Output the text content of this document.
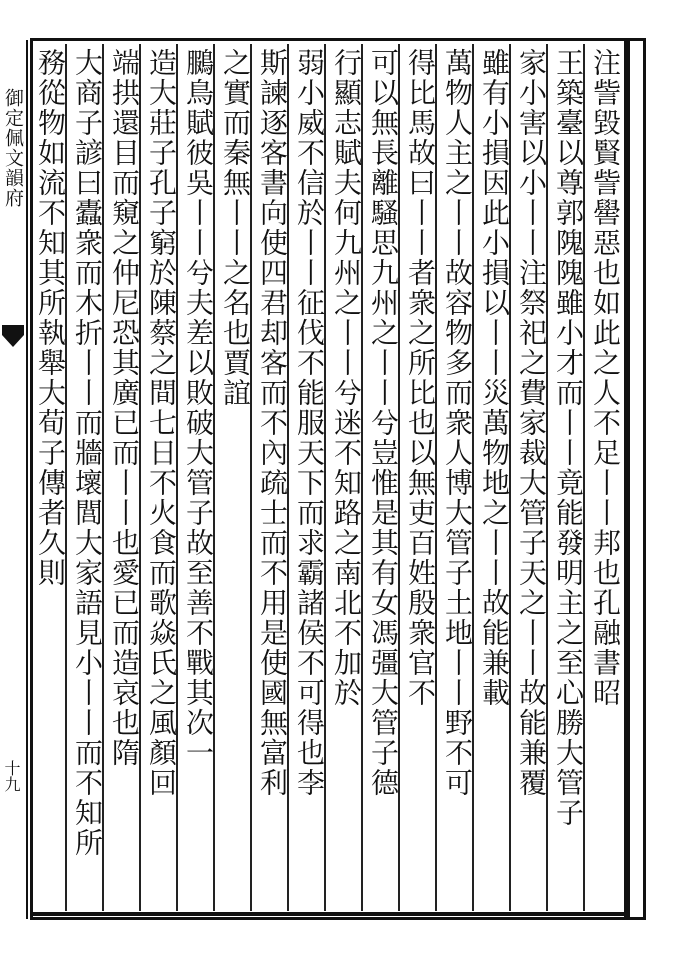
御定佩文韻府
十九
注訾毀賢訾嚳惡也如此之人不足丨丨邦也孔融書昭
王築臺以尊郭隗隗雖小才而丨丨竟能發明主之至心勝大管子
家小害以小丨丨注祭祀之費家裁大管子天之丨丨故能兼覆
雖有小損因此小損以丨丨災萬物地之丨丨故能兼載
萬物人主之丨丨故容物多而衆人博大管子土地丨丨野不可
得比馬故曰丨丨者衆之所比也以無吏百姓殷衆官不
可以無長離騷思九州之丨丨兮豈惟是其有女馮彊大管子德
行顯志賦夫何九州之丨丨兮迷不知路之南北不加於
弱小威不信於丨丨征伐不能服天下而求霸諸侯不可得也李
斯諫逐客書向使四君却客而不內疏士而不用是使國無富利
之實而秦無丨丨之名也賈誼
鵩鳥賦彼吳丨丨兮夫差以敗破大管子故至善不戰其次一
造大莊子孔子窮於陳蔡之間七日不火食而歌焱氏之風顏回
端拱還目而窺之仲尼恐其廣已而丨丨也愛已而造哀也隋
大商子諺曰蠹衆而木折丨丨而牆壞閭大家語見小丨丨而不知所
務從物如流不知其所執舉大荀子傳者久則
